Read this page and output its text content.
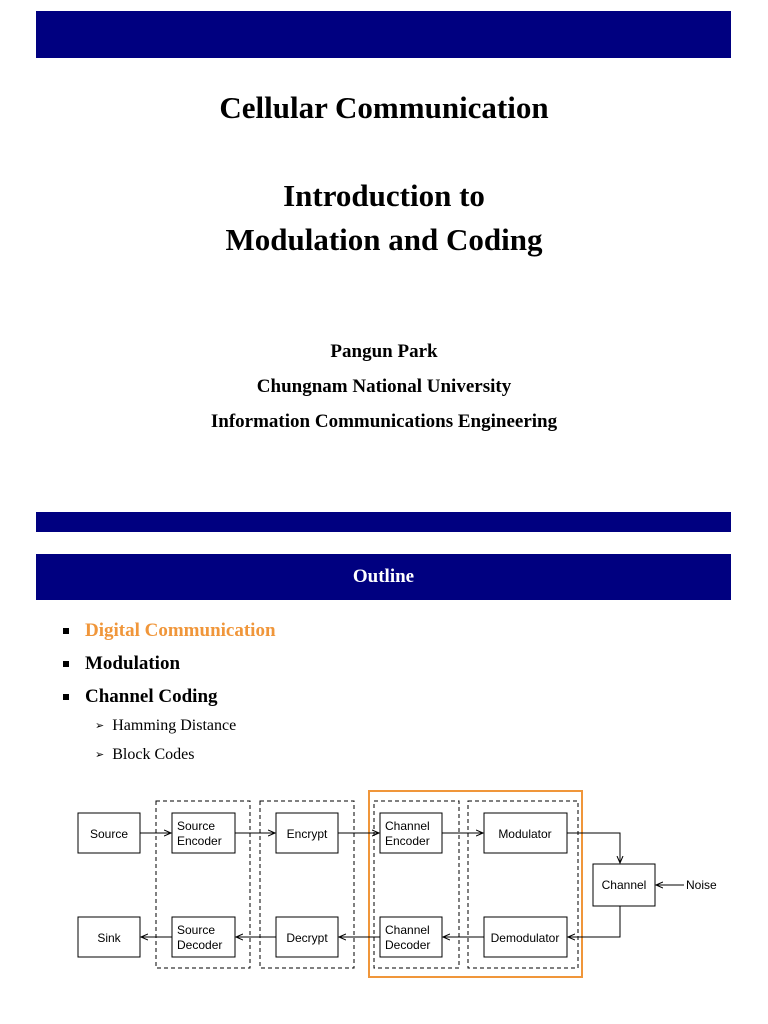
Cellular Communication
Introduction to
Modulation and Coding
Pangun Park
Chungnam National University
Information Communications Engineering
Outline
Digital Communication
Modulation
Channel Coding
➢ Hamming Distance
➢ Block Codes
Source
Source
Encoder	Encrypt
Channel
Encoder	Modulator
Channel	Noise
Sink
Source
Decoder	Decrypt
Channel
Decoder	Demodulator
